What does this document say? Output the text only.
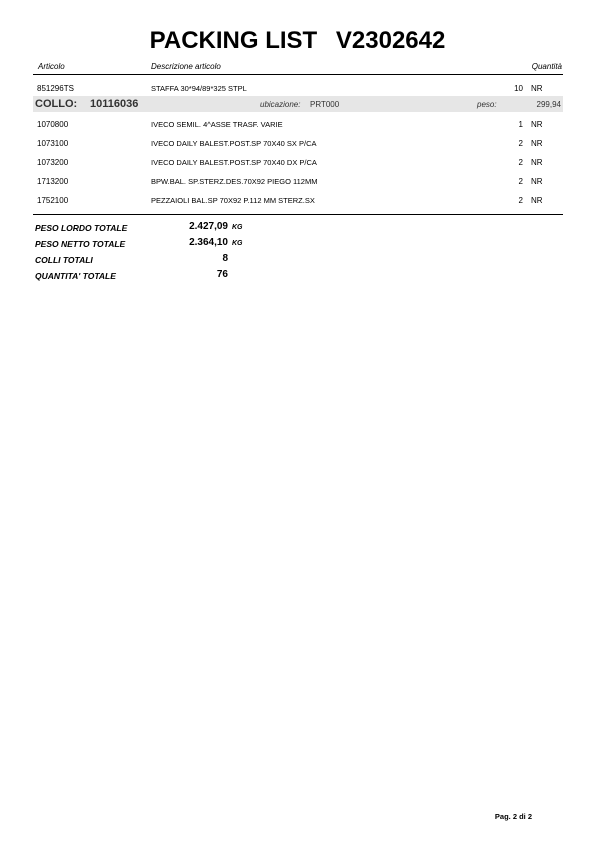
PACKING LIST V2302642
Articolo	Descrizione articolo	Quantità
851296TS	STAFFA 30*94/89*325 STPL	10 NR
COLLO: 10116036	ubicazione: PRT000	peso:	299,94
1070800	IVECO SEMIL. 4^ASSE TRASF. VARIE	1 NR
1073100	IVECO DAILY BALEST.POST.SP 70X40 SX P/CA	2 NR
1073200	IVECO DAILY BALEST.POST.SP 70X40 DX P/CA	2 NR
1713200	BPW.BAL. SP.STERZ.DES.70X92 PIEGO 112MM	2 NR
1752100	PEZZAIOLI BAL.SP 70X92 P.112 MM STERZ.SX	2 NR
PESO LORDO TOTALE	2.427,09 KG
PESO NETTO TOTALE	2.364,10 KG
COLLI TOTALI	8
QUANTITA' TOTALE	76
Pag. 2 di 2
